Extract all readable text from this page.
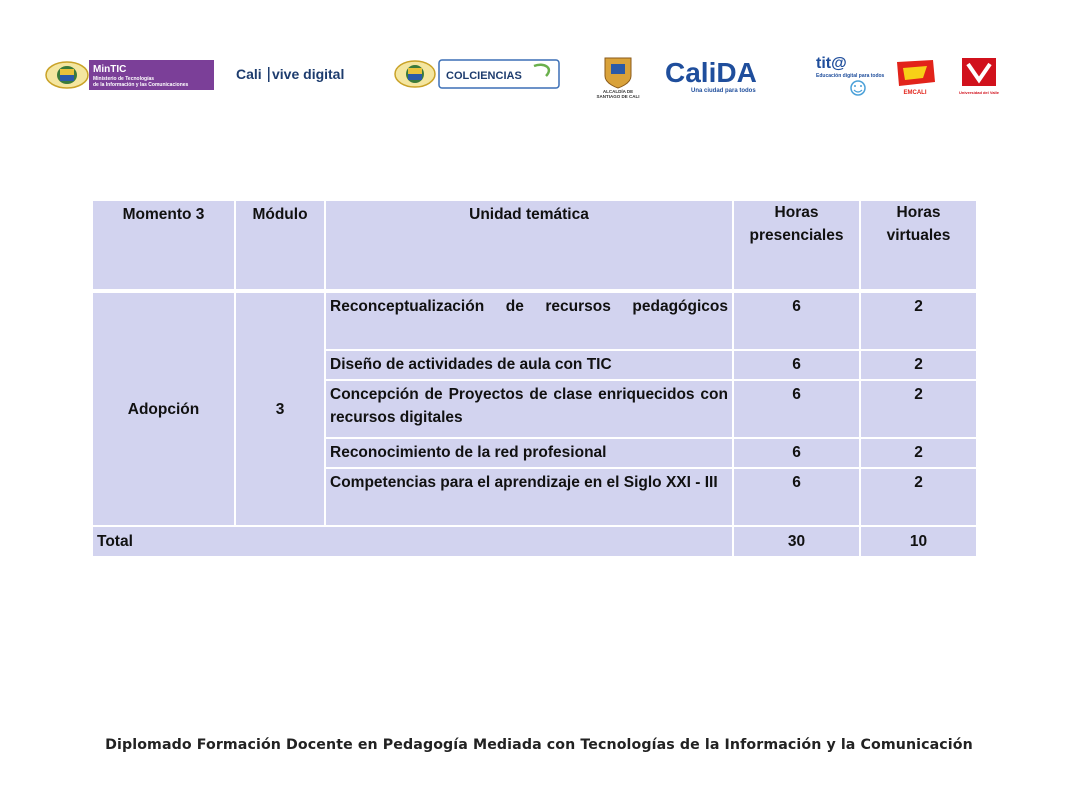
MinTIC
Ministerio de Tecnologías
de la Información y las Comunicaciones
Cali vive digital	COLCIENCIAS
ALCALDÍA DE
SANTIAGO DE CALI
CaliDA
Una ciudad para todos
tit@
Educación digital para todos
EMCALI	Universidad del Valle
Momento 3	Módulo	Unidad temática	Horas presenciales	Horas virtuales
Adopción	3	Reconceptualización de recursos pedagógicos	6	2
		Diseño de actividades de aula con TIC	6	2
		Concepción de Proyectos de clase enriquecidos con recursos digitales	6	2
		Reconocimiento de la red profesional	6	2
		Competencias para el aprendizaje en el Siglo XXI - III	6	2
Total			30	10
Diplomado Formación Docente en Pedagogía Mediada con Tecnologías de la Información y la Comunicación
